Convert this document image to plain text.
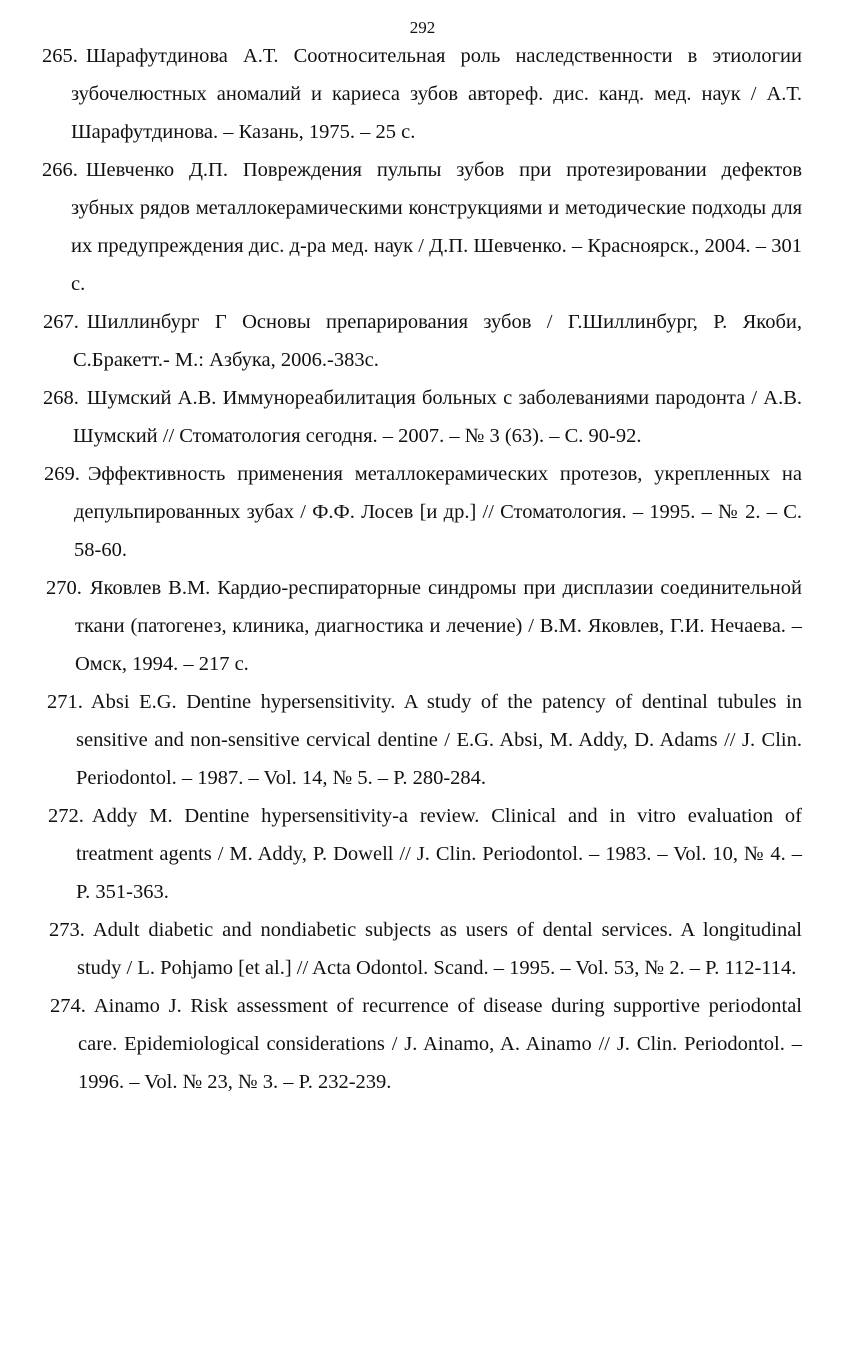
292
265. Шарафутдинова А.Т. Соотносительная роль наследственности в этиологии зубочелюстных аномалий и кариеса зубов автореф. дис. канд. мед. наук / А.Т. Шарафутдинова. – Казань, 1975. – 25 с.
266. Шевченко Д.П. Повреждения пульпы зубов при протезировании дефектов зубных рядов металлокерамическими конструкциями и методические подходы для их предупреждения дис. д-ра мед. наук / Д.П. Шевченко. – Красноярск., 2004. – 301 с.
267. Шиллинбург Г Основы препарирования зубов / Г.Шиллинбург, Р. Якоби, С.Бракетт.- М.: Азбука, 2006.-383с.
268. Шумский А.В. Иммунореабилитация больных с заболеваниями пародонта / А.В. Шумский // Стоматология сегодня. – 2007. – № 3 (63). – С. 90-92.
269. Эффективность применения металлокерамических протезов, укрепленных на депульпированных зубах / Ф.Ф. Лосев [и др.] // Стоматология. – 1995. – № 2. – С. 58-60.
270. Яковлев В.М. Кардио-респираторные синдромы при дисплазии соединительной ткани (патогенез, клиника, диагностика и лечение) / В.М. Яковлев, Г.И. Нечаева. – Омск, 1994. – 217 с.
271. Absi E.G. Dentine hypersensitivity. A study of the patency of dentinal tubules in sensitive and non-sensitive cervical dentine / E.G. Absi, M. Addy, D. Adams // J. Clin. Periodontol. – 1987. – Vol. 14, № 5. – P. 280-284.
272. Addy M. Dentine hypersensitivity-a review. Clinical and in vitro evaluation of treatment agents / M. Addy, P. Dowell // J. Clin. Periodontol. – 1983. – Vol. 10, № 4. – P. 351-363.
273. Adult diabetic and nondiabetic subjects as users of dental services. A longitudinal study / L. Pohjamo [et al.] // Acta Odontol. Scand. – 1995. – Vol. 53, № 2. – P. 112-114.
274. Ainamo J. Risk assessment of recurrence of disease during supportive periodontal care. Epidemiological considerations / J. Ainamo, A. Ainamo // J. Clin. Periodontol. – 1996. – Vol. № 23, № 3. – P. 232-239.
